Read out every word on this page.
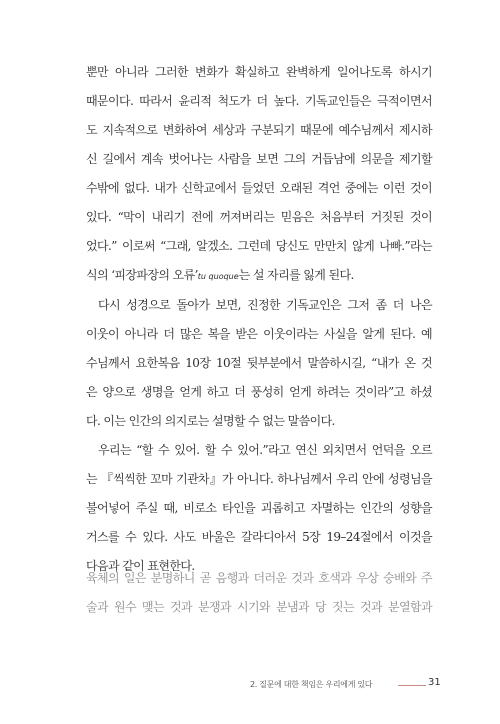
뿐만 아니라 그러한 변화가 확실하고 완벽하게 일어나도록 하시기
때문이다. 따라서 윤리적 척도가 더 높다. 기독교인들은 극적이면서
도 지속적으로 변화하여 세상과 구분되기 때문에 예수님께서 제시하
신 길에서 계속 벗어나는 사람을 보면 그의 거듭남에 의문을 제기할
수밖에 없다. 내가 신학교에서 들었던 오래된 격언 중에는 이런 것이
있다. “막이 내리기 전에 꺼져버리는 믿음은 처음부터 거짓된 것이
었다.” 이로써 “그래, 알겠소. 그런데 당신도 만만치 않게 나빠.”라는
식의 ‘피장파장의 오류’tu quoque는 설 자리를 잃게 된다.

다시 성경으로 돌아가 보면, 진정한 기독교인은 그저 좀 더 나은
이웃이 아니라 더 많은 복을 받은 이웃이라는 사실을 알게 된다. 예
수님께서 요한복음 10장 10절 뒷부분에서 말씀하시길, “내가 온 것
은 양으로 생명을 얻게 하고 더 풍성히 얻게 하려는 것이라”고 하셨
다. 이는 인간의 의지로는 설명할 수 없는 말씀이다.

우리는 “할 수 있어. 할 수 있어.”라고 연신 외치면서 언덕을 오르
는 『씩씩한 꼬마 기관차』가 아니다. 하나님께서 우리 안에 성령님을
불어넣어 주실 때, 비로소 타인을 괴롭히고 자멸하는 인간의 성향을
거스를 수 있다. 사도 바울은 갈라디아서 5장 19–24절에서 이것을
다음과 같이 표현한다.

육체의 일은 분명하니 곧 음행과 더러운 것과 호색과 우상 숭배와 주
술과 원수 맺는 것과 분쟁과 시기와 분냄과 당 짓는 것과 분열함과

2. 질문에 대한 책임은 우리에게 있다	31
